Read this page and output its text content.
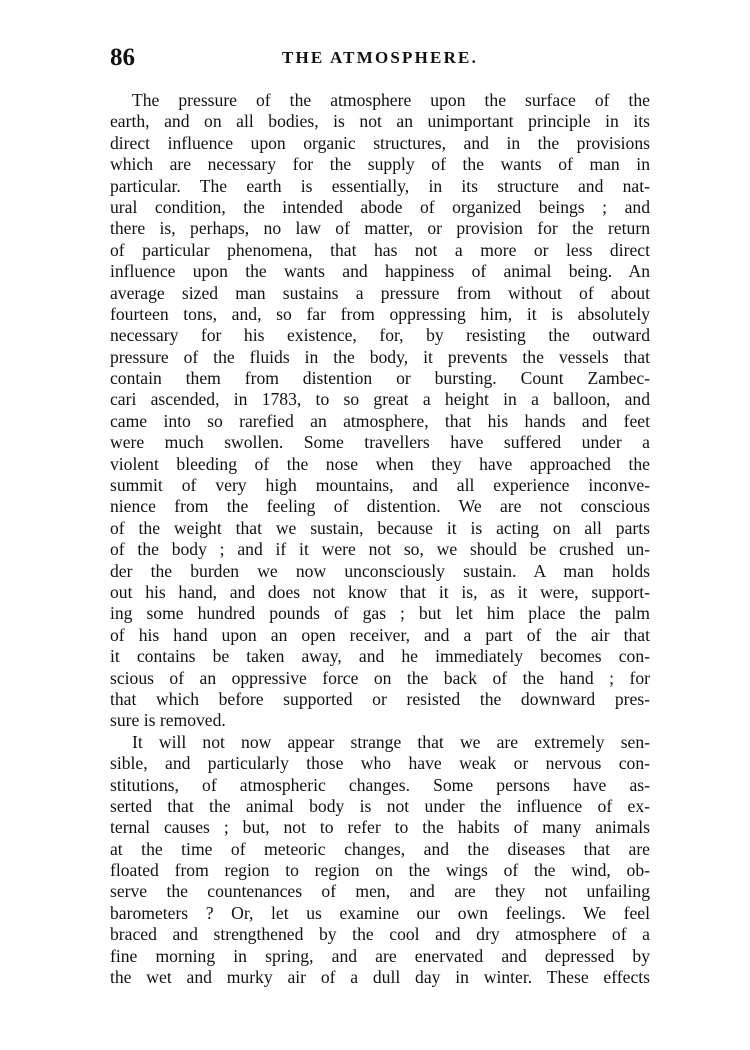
86	THE ATMOSPHERE.
The pressure of the atmosphere upon the surface of the
earth, and on all bodies, is not an unimportant principle in its
direct influence upon organic structures, and in the provisions
which are necessary for the supply of the wants of man in
particular. The earth is essentially, in its structure and nat-
ural condition, the intended abode of organized beings ; and
there is, perhaps, no law of matter, or provision for the return
of particular phenomena, that has not a more or less direct
influence upon the wants and happiness of animal being. An
average sized man sustains a pressure from without of about
fourteen tons, and, so far from oppressing him, it is absolutely
necessary for his existence, for, by resisting the outward
pressure of the fluids in the body, it prevents the vessels that
contain them from distention or bursting. Count Zambec-
cari ascended, in 1783, to so great a height in a balloon, and
came into so rarefied an atmosphere, that his hands and feet
were much swollen. Some travellers have suffered under a
violent bleeding of the nose when they have approached the
summit of very high mountains, and all experience inconve-
nience from the feeling of distention. We are not conscious
of the weight that we sustain, because it is acting on all parts
of the body ; and if it were not so, we should be crushed un-
der the burden we now unconsciously sustain. A man holds
out his hand, and does not know that it is, as it were, support-
ing some hundred pounds of gas ; but let him place the palm
of his hand upon an open receiver, and a part of the air that
it contains be taken away, and he immediately becomes con-
scious of an oppressive force on the back of the hand ; for
that which before supported or resisted the downward pres-
sure is removed.
It will not now appear strange that we are extremely sen-
sible, and particularly those who have weak or nervous con-
stitutions, of atmospheric changes. Some persons have as-
serted that the animal body is not under the influence of ex-
ternal causes ; but, not to refer to the habits of many animals
at the time of meteoric changes, and the diseases that are
floated from region to region on the wings of the wind, ob-
serve the countenances of men, and are they not unfailing
barometers ? Or, let us examine our own feelings. We feel
braced and strengthened by the cool and dry atmosphere of a
fine morning in spring, and are enervated and depressed by
the wet and murky air of a dull day in winter. These effects
